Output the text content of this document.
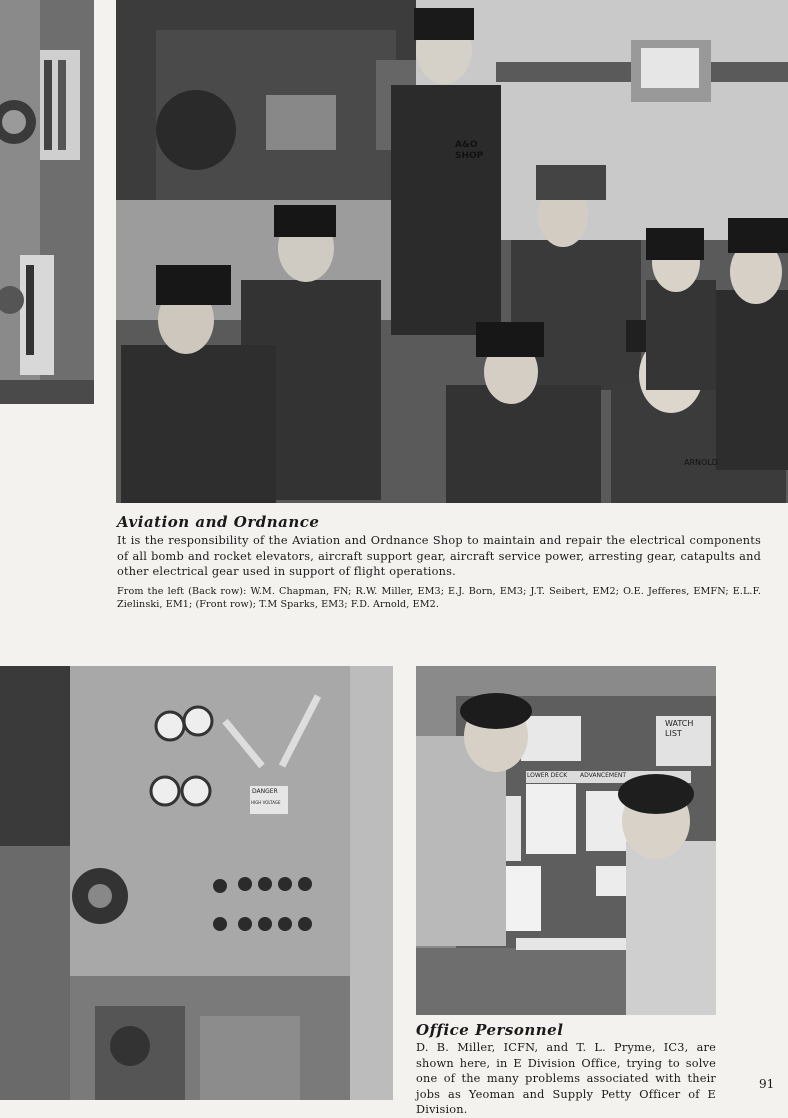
Aviation and Ordnance

It is the responsibility of the Aviation and Ordnance Shop to maintain and repair the electrical components of all bomb and rocket elevators, aircraft support gear, aircraft service power, arresting gear, catapults and other electrical gear used in support of flight operations.

From the left (Back row): W.M. Chapman, FN; R.W. Miller, EM3; E.J. Born, EM3; J.T. Seibert, EM2; O.E. Jefferes, EMFN; E.L.F. Zielinski, EM1; (Front row); T.M Sparks, EM3; F.D. Arnold, EM2.

Office Personnel

D. B. Miller, ICFN, and T. L. Pryme, IC3, are shown here, in E Division Office, trying to solve one of the many problems associated with their jobs as Yeoman and Supply Petty Officer of E Division.

91
A&O SHOP
ARNOLD
DANGER
HIGH VOLTAGE
WATCH LIST
LOWER DECK ADVANCEMENT
